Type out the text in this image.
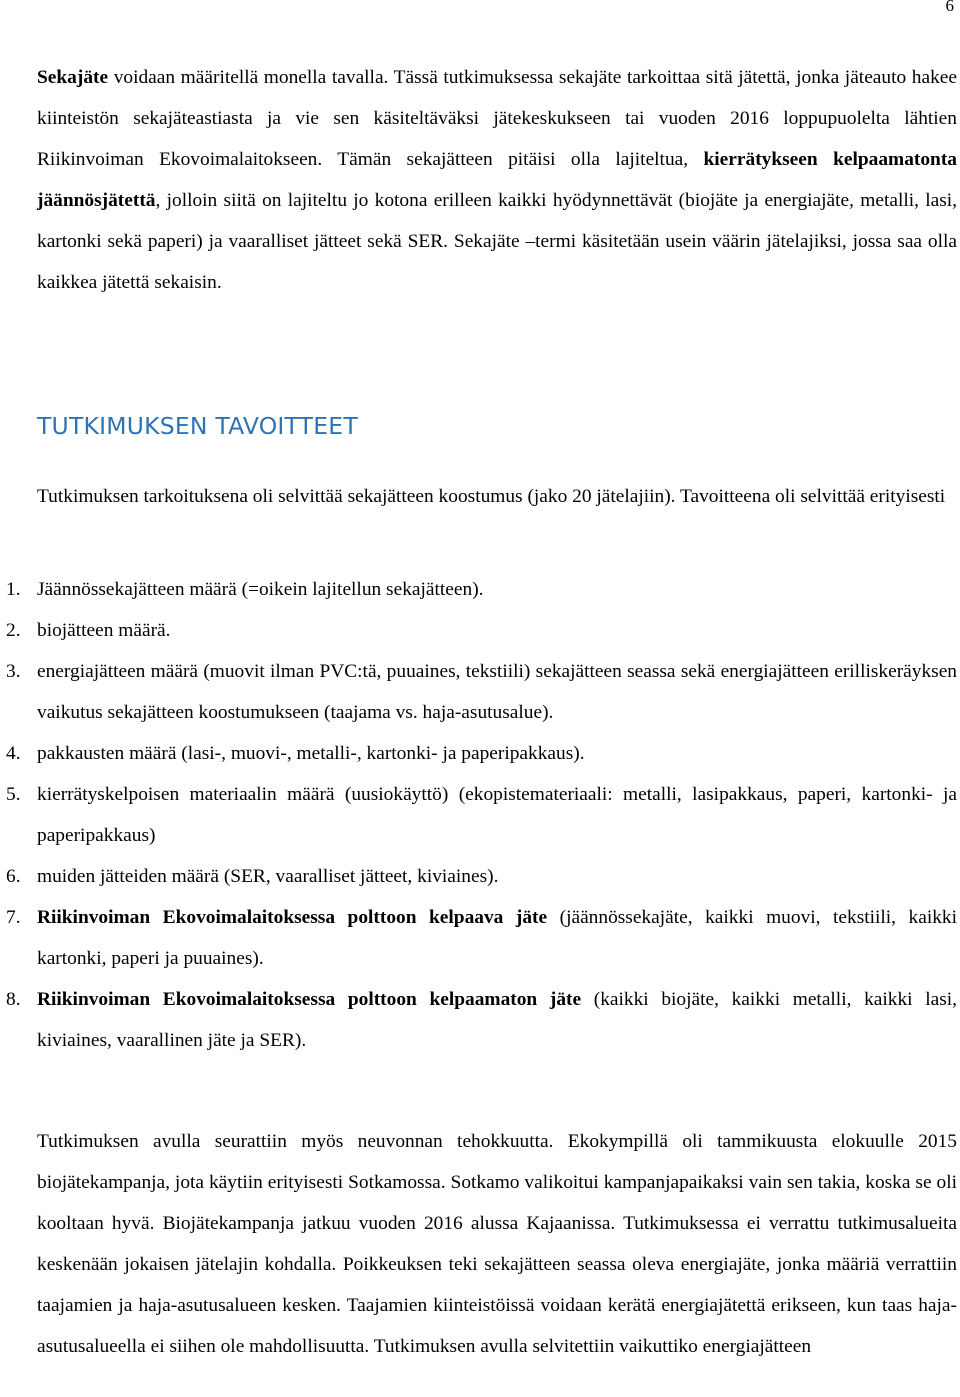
6

Sekajäte voidaan määritellä monella tavalla. Tässä tutkimuksessa sekajäte tarkoittaa sitä jätettä, jonka jäteauto hakee kiinteistön sekajäteastiasta ja vie sen käsiteltäväksi jätekeskukseen tai vuoden 2016 loppupuolelta lähtien Riikinvoiman Ekovoimalaitokseen. Tämän sekajätteen pitäisi olla lajiteltua, kierrätykseen kelpaamatonta jäännösjätettä, jolloin siitä on lajiteltu jo kotona erilleen kaikki hyödynnettävät (biojäte ja energiajäte, metalli, lasi, kartonki sekä paperi) ja vaaralliset jätteet sekä SER. Sekajäte –termi käsitetään usein väärin jätelajiksi, jossa saa olla kaikkea jätettä sekaisin.

TUTKIMUKSEN TAVOITTEET

Tutkimuksen tarkoituksena oli selvittää sekajätteen koostumus (jako 20 jätelajiin). Tavoitteena oli selvittää erityisesti

1. Jäännössekajätteen määrä (=oikein lajitellun sekajätteen).
2. biojätteen määrä.
3. energiajätteen määrä (muovit ilman PVC:tä, puuaines, tekstiili) sekajätteen seassa sekä energiajätteen erilliskeräyksen vaikutus sekajätteen koostumukseen (taajama vs. haja-asutusalue).
4. pakkausten määrä (lasi-, muovi-, metalli-, kartonki- ja paperipakkaus).
5. kierrätyskelpoisen materiaalin määrä (uusiokäyttö) (ekopistemateriaali: metalli, lasipakkaus, paperi, kartonki- ja paperipakkaus)
6. muiden jätteiden määrä (SER, vaaralliset jätteet, kiviaines).
7. Riikinvoiman Ekovoimalaitoksessa polttoon kelpaava jäte (jäännössekajäte, kaikki muovi, tekstiili, kaikki kartonki, paperi ja puuaines).
8. Riikinvoiman Ekovoimalaitoksessa polttoon kelpaamaton jäte (kaikki biojäte, kaikki metalli, kaikki lasi, kiviaines, vaarallinen jäte ja SER).

Tutkimuksen avulla seurattiin myös neuvonnan tehokkuutta. Ekokympillä oli tammikuusta elokuulle 2015 biojätekampanja, jota käytiin erityisesti Sotkamossa. Sotkamo valikoitui kampanjapaikaksi vain sen takia, koska se oli kooltaan hyvä. Biojätekampanja jatkuu vuoden 2016 alussa Kajaanissa. Tutkimuksessa ei verrattu tutkimusalueita keskenään jokaisen jätelajin kohdalla. Poikkeuksen teki sekajätteen seassa oleva energiajäte, jonka määriä verrattiin taajamien ja haja-asutusalueen kesken. Taajamien kiinteistöissä voidaan kerätä energiajätettä erikseen, kun taas haja-asutusalueella ei siihen ole mahdollisuutta. Tutkimuksen avulla selvitettiin vaikuttiko energiajätteen
